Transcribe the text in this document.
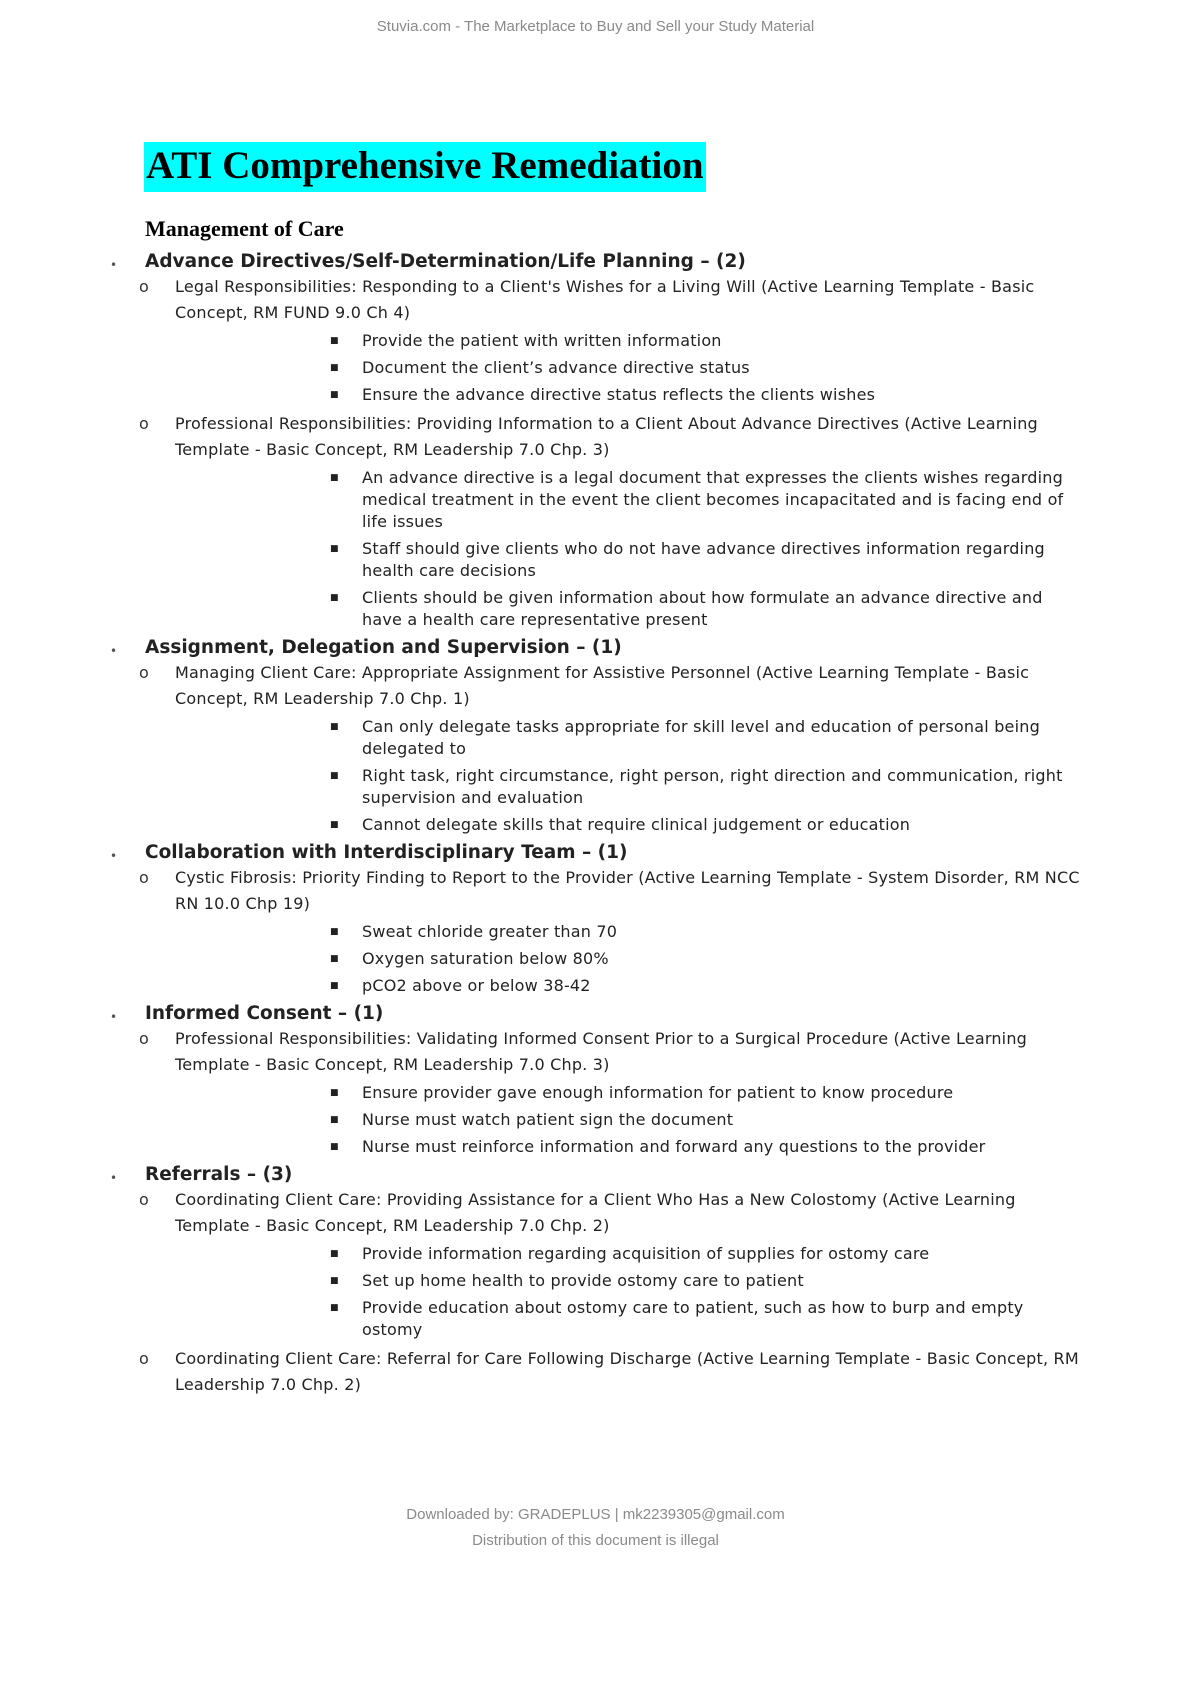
Stuvia.com - The Marketplace to Buy and Sell your Study Material
ATI Comprehensive Remediation
Management of Care
• Advance Directives/Self-Determination/Life Planning – (2)
o Legal Responsibilities: Responding to a Client's Wishes for a Living Will (Active Learning Template - Basic Concept, RM FUND 9.0 Ch 4)
■ Provide the patient with written information
■ Document the client’s advance directive status
■ Ensure the advance directive status reflects the clients wishes
o Professional Responsibilities: Providing Information to a Client About Advance Directives (Active Learning Template - Basic Concept, RM Leadership 7.0 Chp. 3)
■ An advance directive is a legal document that expresses the clients wishes regarding medical treatment in the event the client becomes incapacitated and is facing end of life issues
■ Staff should give clients who do not have advance directives information regarding health care decisions
■ Clients should be given information about how formulate an advance directive and have a health care representative present
• Assignment, Delegation and Supervision – (1)
o Managing Client Care: Appropriate Assignment for Assistive Personnel (Active Learning Template - Basic Concept, RM Leadership 7.0 Chp. 1)
■ Can only delegate tasks appropriate for skill level and education of personal being delegated to
■ Right task, right circumstance, right person, right direction and communication, right supervision and evaluation
■ Cannot delegate skills that require clinical judgement or education
• Collaboration with Interdisciplinary Team – (1)
o Cystic Fibrosis: Priority Finding to Report to the Provider (Active Learning Template - System Disorder, RM NCC RN 10.0 Chp 19)
■ Sweat chloride greater than 70
■ Oxygen saturation below 80%
■ pCO2 above or below 38-42
• Informed Consent – (1)
o Professional Responsibilities: Validating Informed Consent Prior to a Surgical Procedure (Active Learning Template - Basic Concept, RM Leadership 7.0 Chp. 3)
■ Ensure provider gave enough information for patient to know procedure
■ Nurse must watch patient sign the document
■ Nurse must reinforce information and forward any questions to the provider
• Referrals – (3)
o Coordinating Client Care: Providing Assistance for a Client Who Has a New Colostomy (Active Learning Template - Basic Concept, RM Leadership 7.0 Chp. 2)
■ Provide information regarding acquisition of supplies for ostomy care
■ Set up home health to provide ostomy care to patient
■ Provide education about ostomy care to patient, such as how to burp and empty ostomy
o Coordinating Client Care: Referral for Care Following Discharge (Active Learning Template - Basic Concept, RM Leadership 7.0 Chp. 2)
Downloaded by: GRADEPLUS | mk2239305@gmail.com
Distribution of this document is illegal
